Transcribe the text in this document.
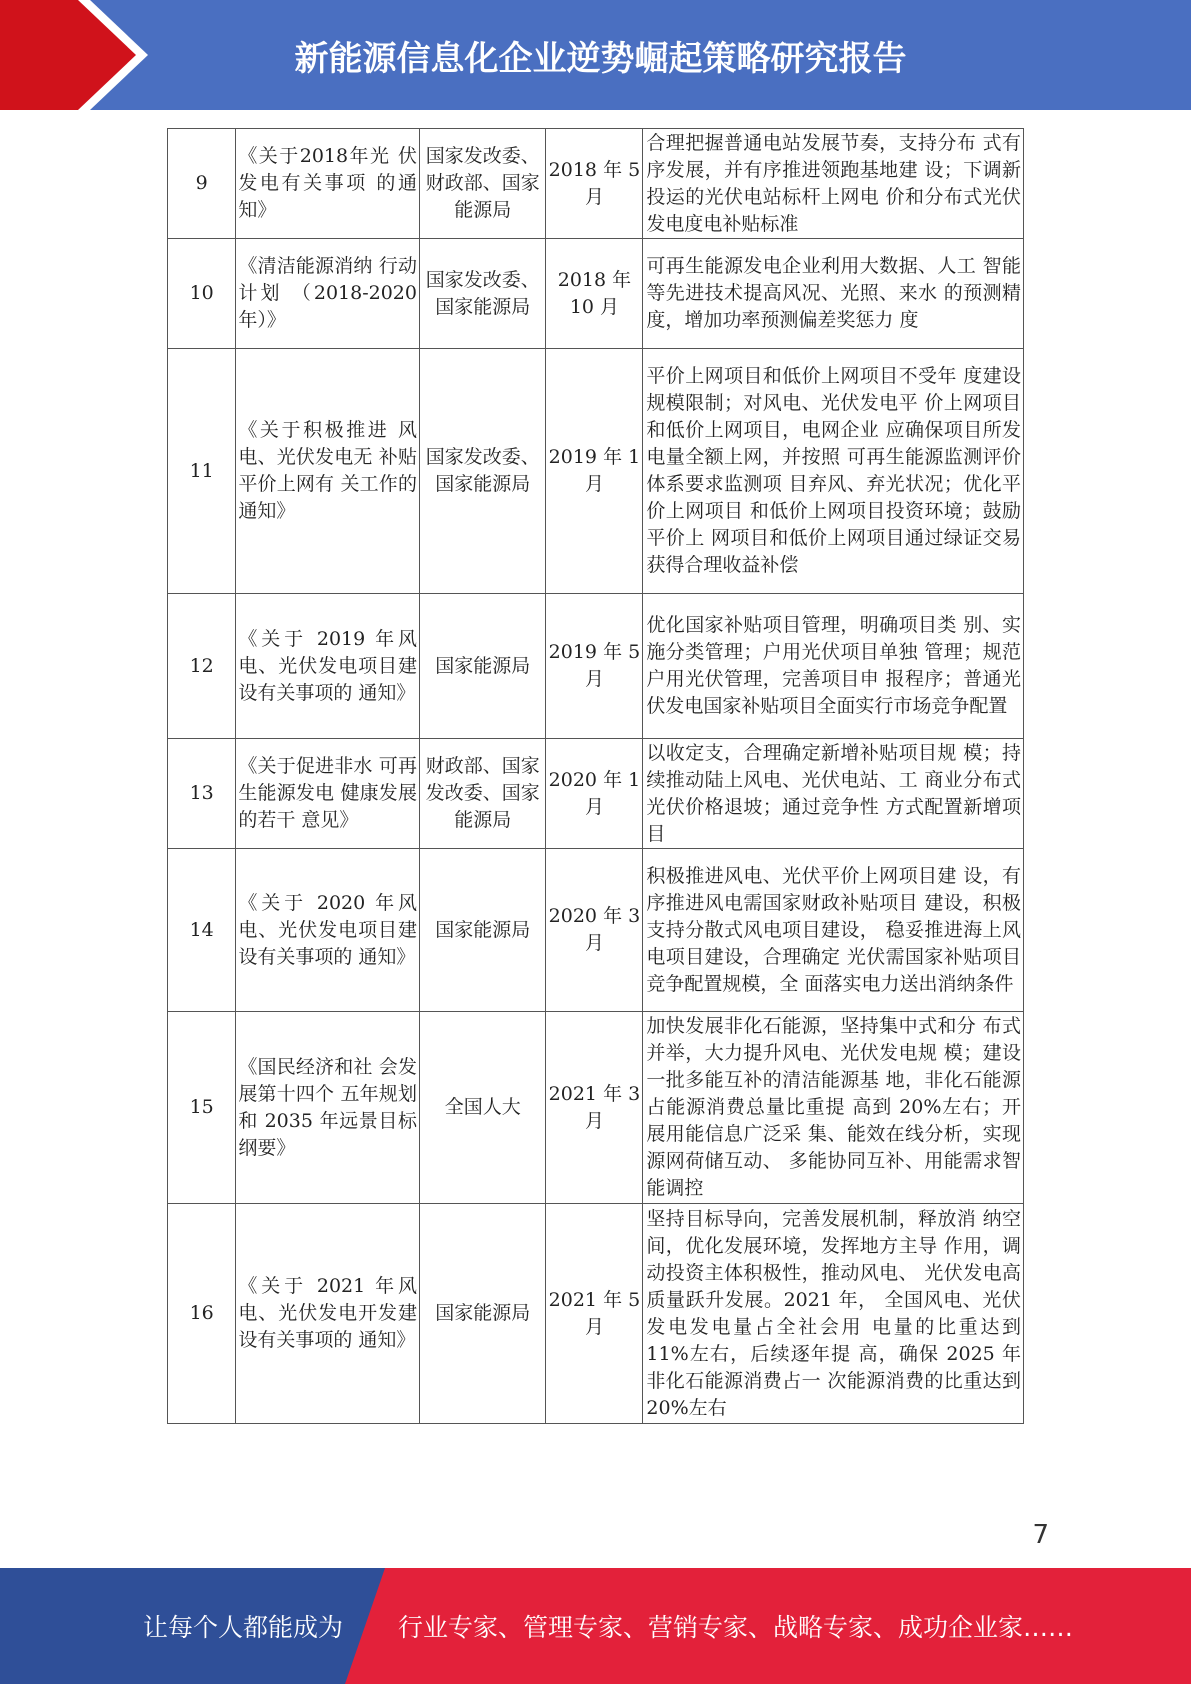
新能源信息化企业逆势崛起策略研究报告
9	《关于2018年光 伏发电有关事项 的通知》	国家发改委、财政部、国家能源局	2018 年 5 月	合理把握普通电站发展节奏，支持分布 式有序发展，并有序推进领跑基地建 设；下调新投运的光伏电站标杆上网电 价和分布式光伏发电度电补贴标准
10	《清洁能源消纳 行动计划 （2018-2020 年）》	国家发改委、国家能源局	2018 年 10 月	可再生能源发电企业利用大数据、人工 智能等先进技术提高风况、光照、来水 的预测精度，增加功率预测偏差奖惩力 度
11	《关于积极推进 风电、光伏发电无 补贴平价上网有 关工作的通知》	国家发改委、国家能源局	2019 年 1 月	平价上网项目和低价上网项目不受年 度建设规模限制；对风电、光伏发电平 价上网项目和低价上网项目，电网企业 应确保项目所发电量全额上网，并按照 可再生能源监测评价体系要求监测项 目弃风、弃光状况；优化平价上网项目 和低价上网项目投资环境；鼓励平价上 网项目和低价上网项目通过绿证交易 获得合理收益补偿
12	《关于 2019 年风电、光伏发电项目建设有关事项的 通知》	国家能源局	2019 年 5 月	优化国家补贴项目管理，明确项目类 别、实施分类管理；户用光伏项目单独 管理；规范户用光伏管理，完善项目申 报程序；普通光伏发电国家补贴项目全面实行市场竞争配置
13	《关于促进非水 可再生能源发电 健康发展的若干 意见》	财政部、国家发改委、国家能源局	2020 年 1 月	以收定支，合理确定新增补贴项目规 模；持续推动陆上风电、光伏电站、工 商业分布式光伏价格退坡；通过竞争性 方式配置新增项目
14	《关于 2020 年风电、光伏发电项目建设有关事项的 通知》	国家能源局	2020 年 3 月	积极推进风电、光伏平价上网项目建 设，有序推进风电需国家财政补贴项目 建设，积极支持分散式风电项目建设， 稳妥推进海上风电项目建设，合理确定 光伏需国家补贴项目竞争配置规模，全 面落实电力送出消纳条件
15	《国民经济和社 会发展第十四个 五年规划和 2035 年远景目标纲要》	全国人大	2021 年 3 月	加快发展非化石能源，坚持集中式和分 布式并举，大力提升风电、光伏发电规 模；建设一批多能互补的清洁能源基 地，非化石能源占能源消费总量比重提 高到 20%左右；开展用能信息广泛采 集、能效在线分析，实现源网荷储互动、 多能协同互补、用能需求智能调控
16	《关于 2021 年风电、光伏发电开发建设有关事项的 通知》	国家能源局	2021 年 5 月	坚持目标导向，完善发展机制，释放消 纳空间，优化发展环境，发挥地方主导 作用，调动投资主体积极性，推动风电、 光伏发电高质量跃升发展。2021 年， 全国风电、光伏发电发电量占全社会用 电量的比重达到 11%左右，后续逐年提 高，确保 2025 年非化石能源消费占一 次能源消费的比重达到 20%左右
7
让每个人都能成为 行业专家、管理专家、营销专家、战略专家、成功企业家……
